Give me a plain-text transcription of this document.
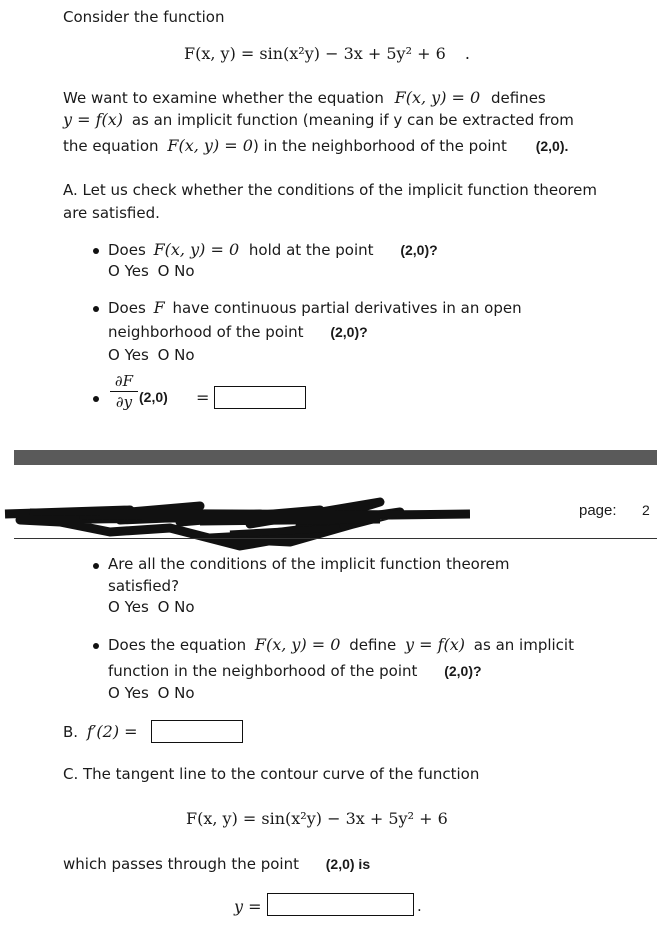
Consider the function
F(x, y) = sin(x²y) − 3x + 5y² + 6 .
We want to examine whether the equation F(x, y) = 0 defines
y = f(x) as an implicit function (meaning if y can be extracted from
the equation F(x, y) = 0) in the neighborhood of the point (2,0).
A. Let us check whether the conditions of the implicit function theorem
are satisfied.
Does F(x, y) = 0 hold at the point (2,0)?
O Yes O No
Does F have continuous partial derivatives in an open
neighborhood of the point (2,0)?
O Yes O No
∂F
∂y (2,0) =
page: 2
Are all the conditions of the implicit function theorem
satisfied?
O Yes O No
Does the equation F(x, y) = 0 define y = f(x) as an implicit
function in the neighborhood of the point (2,0)?
O Yes O No
B. f′(2) =
C. The tangent line to the contour curve of the function
F(x, y) = sin(x²y) − 3x + 5y² + 6
which passes through the point (2,0) is
y =	.
